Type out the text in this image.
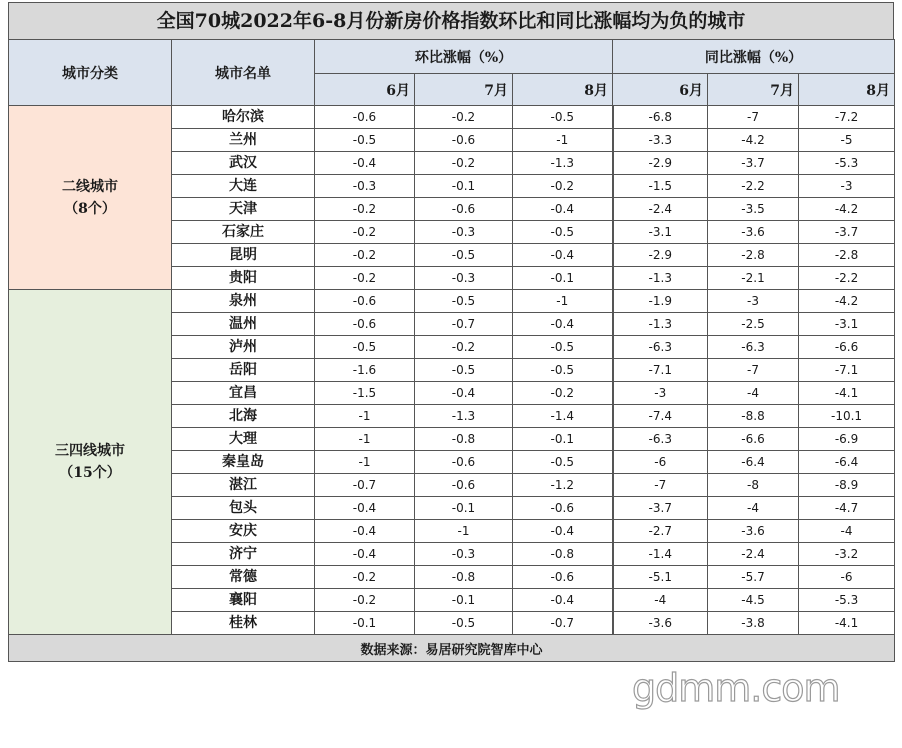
全国70城2022年6-8月份新房价格指数环比和同比涨幅均为负的城市
城市分类	城市名单	环比涨幅（%）			同比涨幅（%）		
		6月	7月	8月	6月	7月	8月

二线城市
（8个）	哈尔滨	-0.6	-0.2	-0.5	-6.8	-7	-7.2
	兰州	-0.5	-0.6	-1	-3.3	-4.2	-5
	武汉	-0.4	-0.2	-1.3	-2.9	-3.7	-5.3
	大连	-0.3	-0.1	-0.2	-1.5	-2.2	-3
	天津	-0.2	-0.6	-0.4	-2.4	-3.5	-4.2
	石家庄	-0.2	-0.3	-0.5	-3.1	-3.6	-3.7
	昆明	-0.2	-0.5	-0.4	-2.9	-2.8	-2.8
	贵阳	-0.2	-0.3	-0.1	-1.3	-2.1	-2.2

三四线城市
（15个）	泉州	-0.6	-0.5	-1	-1.9	-3	-4.2
	温州	-0.6	-0.7	-0.4	-1.3	-2.5	-3.1
	泸州	-0.5	-0.2	-0.5	-6.3	-6.3	-6.6
	岳阳	-1.6	-0.5	-0.5	-7.1	-7	-7.1
	宜昌	-1.5	-0.4	-0.2	-3	-4	-4.1
	北海	-1	-1.3	-1.4	-7.4	-8.8	-10.1
	大理	-1	-0.8	-0.1	-6.3	-6.6	-6.9
	秦皇岛	-1	-0.6	-0.5	-6	-6.4	-6.4
	湛江	-0.7	-0.6	-1.2	-7	-8	-8.9
	包头	-0.4	-0.1	-0.6	-3.7	-4	-4.7
	安庆	-0.4	-1	-0.4	-2.7	-3.6	-4
	济宁	-0.4	-0.3	-0.8	-1.4	-2.4	-3.2
	常德	-0.2	-0.8	-0.6	-5.1	-5.7	-6
	襄阳	-0.2	-0.1	-0.4	-4	-4.5	-5.3
	桂林	-0.1	-0.5	-0.7	-3.6	-3.8	-4.1
数据来源：易居研究院智库中心							
gdmm.com
